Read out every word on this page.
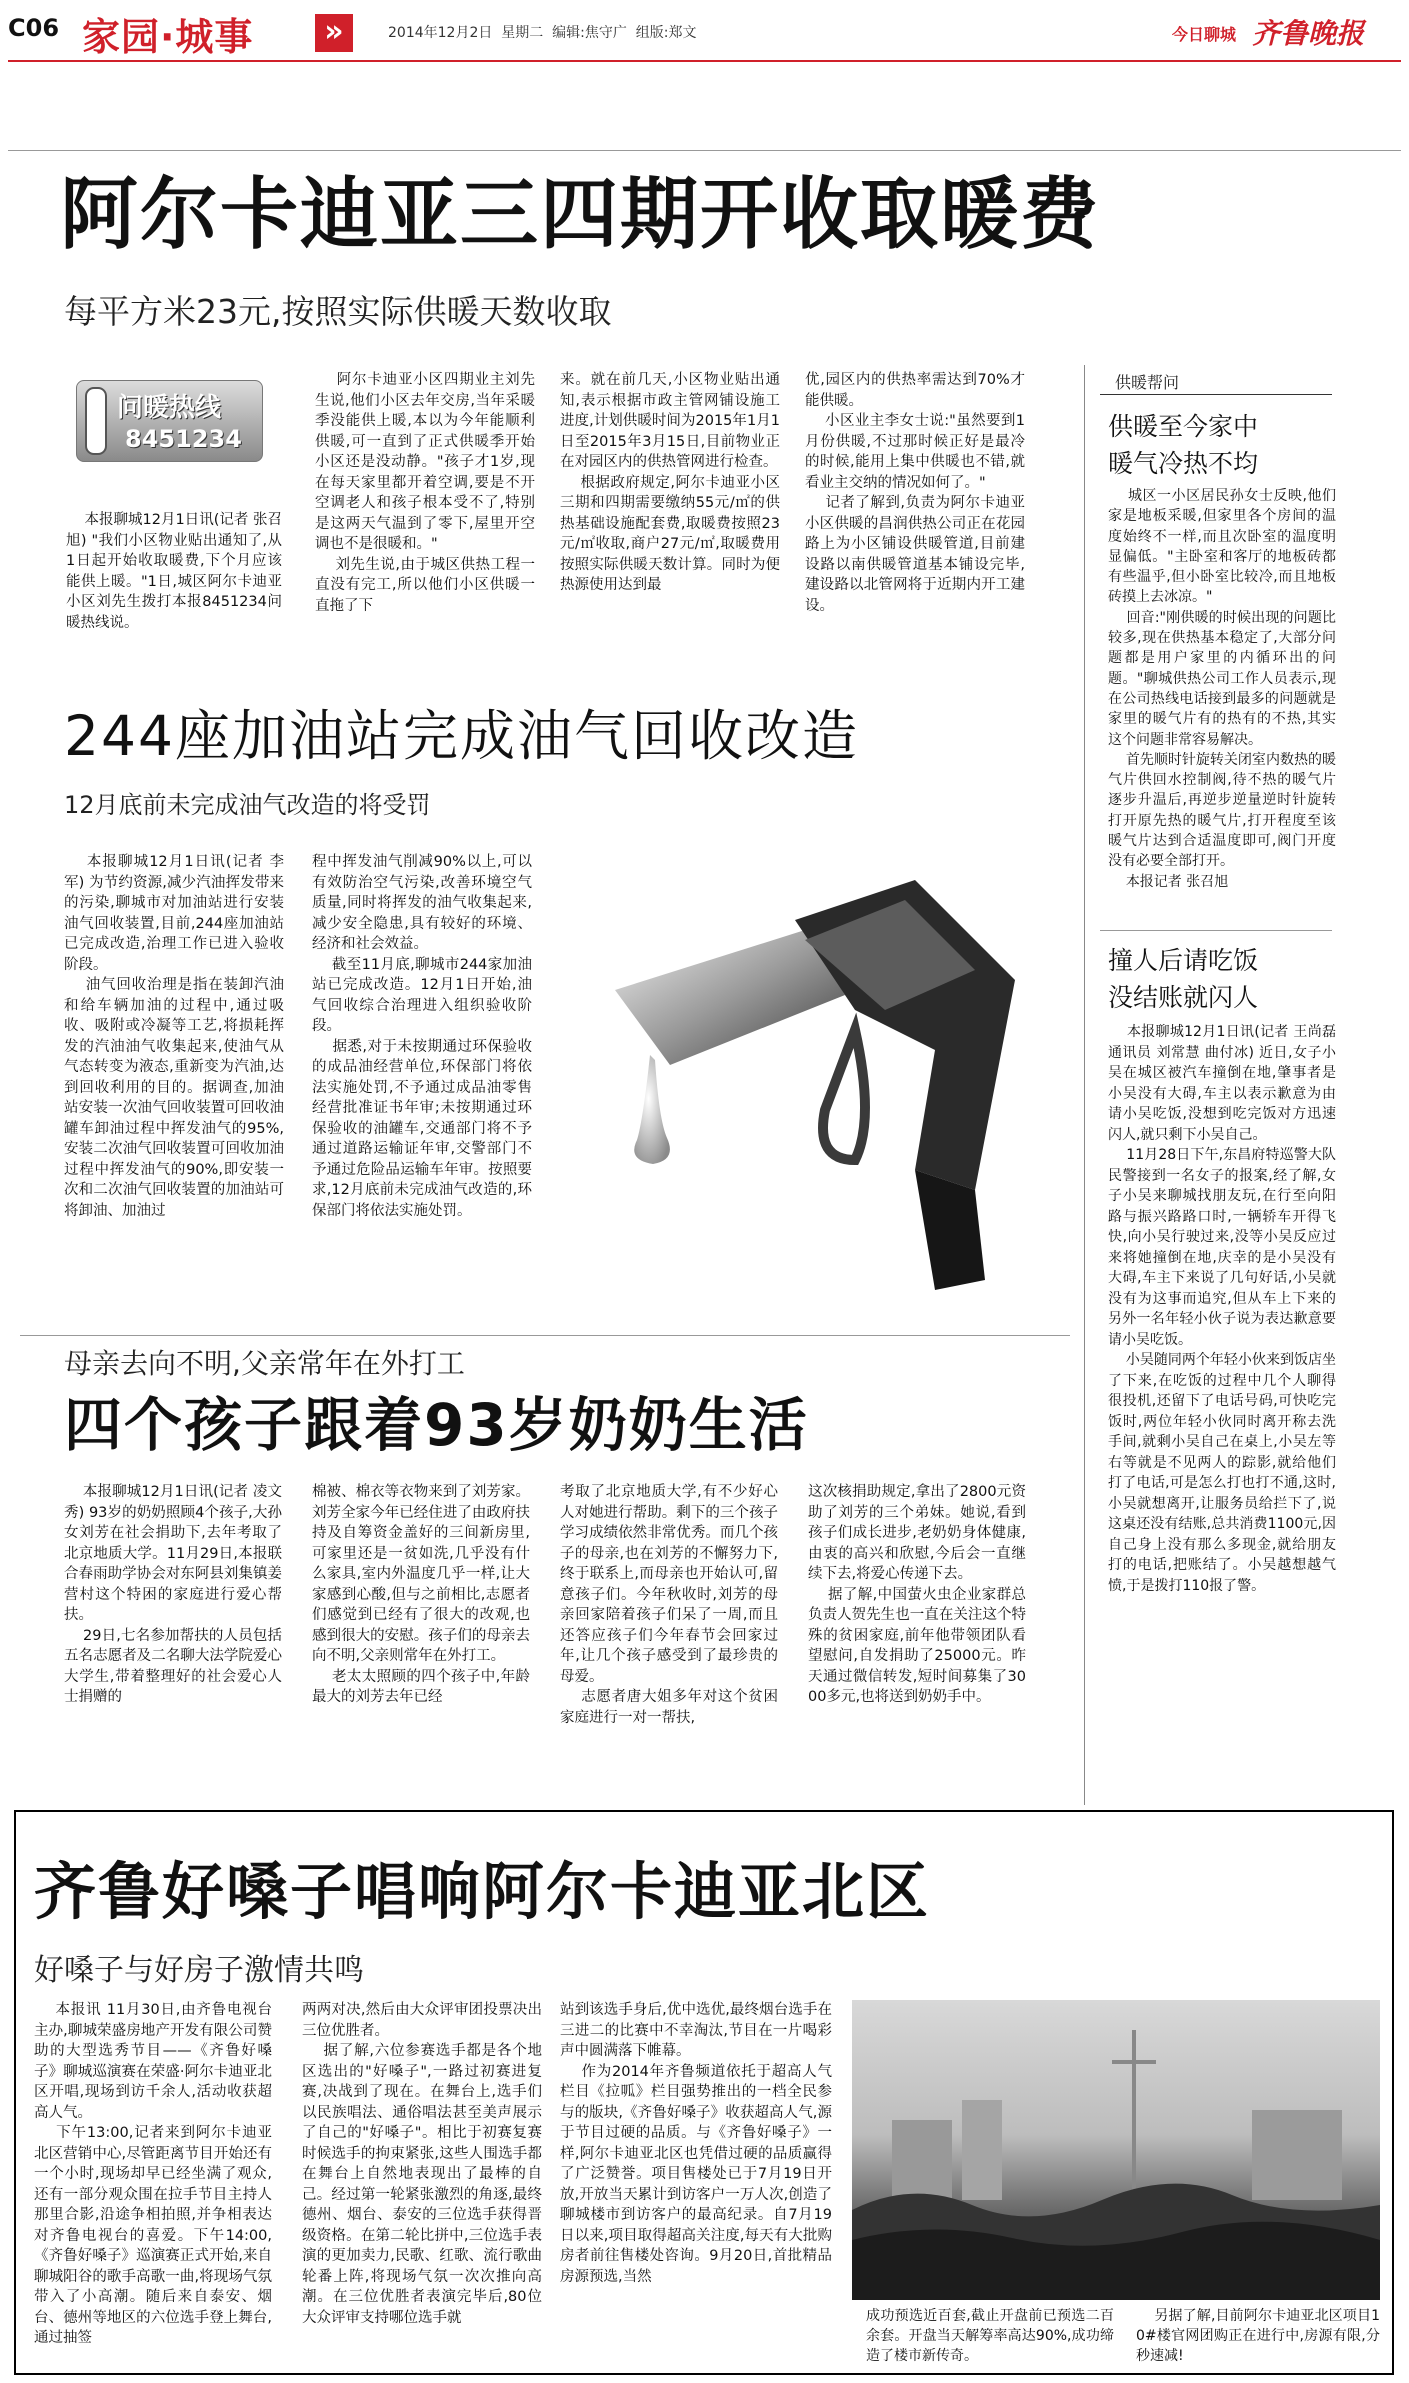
C06 家园·城事	»	2014年12月2日  星期二  编辑:焦守广  组版:郑文	今日聊城 齐鲁晚报
阿尔卡迪亚三四期开收取暖费
每平方米23元,按照实际供暖天数收取
问暖热线
8451234
本报聊城12月1日讯(记者 张召旭) "我们小区物业贴出通知了,从1日起开始收取暖费,下个月应该能供上暖。"1日,城区阿尔卡迪亚小区刘先生拨打本报8451234问暖热线说。
阿尔卡迪亚小区四期业主刘先生说,他们小区去年交房,当年采暖季没能供上暖,本以为今年能顺利供暖,可一直到了正式供暖季开始小区还是没动静。"孩子才1岁,现在每天家里都开着空调,要是不开空调老人和孩子根本受不了,特别是这两天气温到了零下,屋里开空调也不是很暖和。"
刘先生说,由于城区供热工程一直没有完工,所以他们小区供暖一直拖了下
来。就在前几天,小区物业贴出通知,表示根据市政主管网铺设施工进度,计划供暖时间为2015年1月1日至2015年3月15日,目前物业正在对园区内的供热管网进行检查。
根据政府规定,阿尔卡迪亚小区三期和四期需要缴纳55元/㎡的供热基础设施配套费,取暖费按照23元/㎡收取,商户27元/㎡,取暖费用按照实际供暖天数计算。同时为便热源使用达到最
优,园区内的供热率需达到70%才能供暖。
小区业主李女士说:"虽然要到1月份供暖,不过那时候正好是最冷的时候,能用上集中供暖也不错,就看业主交纳的情况如何了。"
记者了解到,负责为阿尔卡迪亚小区供暖的昌润供热公司正在花园路上为小区铺设供暖管道,目前建设路以南供暖管道基本铺设完毕,建设路以北管网将于近期内开工建设。
供暖帮问
供暖至今家中
暖气冷热不均
城区一小区居民孙女士反映,他们家是地板采暖,但家里各个房间的温度始终不一样,而且次卧室的温度明显偏低。"主卧室和客厅的地板砖都有些温乎,但小卧室比较冷,而且地板砖摸上去冰凉。"
回音:"刚供暖的时候出现的问题比较多,现在供热基本稳定了,大部分问题都是用户家里的内循环出的问题。"聊城供热公司工作人员表示,现在公司热线电话接到最多的问题就是家里的暖气片有的热有的不热,其实这个问题非常容易解决。
首先顺时针旋转关闭室内数热的暖气片供回水控制阀,待不热的暖气片逐步升温后,再逆步逆量逆时针旋转打开原先热的暖气片,打开程度至该暖气片达到合适温度即可,阀门开度没有必要全部打开。
本报记者 张召旭
撞人后请吃饭
没结账就闪人
本报聊城12月1日讯(记者 王尚磊 通讯员 刘常慧 曲付冰) 近日,女子小吴在城区被汽车撞倒在地,肇事者是小吴没有大碍,车主以表示歉意为由请小吴吃饭,没想到吃完饭对方迅速闪人,就只剩下小吴自己。
11月28日下午,东昌府特巡警大队民警接到一名女子的报案,经了解,女子小吴来聊城找朋友玩,在行至向阳路与振兴路路口时,一辆轿车开得飞快,向小吴行驶过来,没等小吴反应过来将她撞倒在地,庆幸的是小吴没有大碍,车主下来说了几句好话,小吴就没有为这事而追究,但从车上下来的另外一名年轻小伙子说为表达歉意要请小吴吃饭。
小吴随同两个年轻小伙来到饭店坐了下来,在吃饭的过程中几个人聊得很投机,还留下了电话号码,可快吃完饭时,两位年轻小伙同时离开称去洗手间,就剩小吴自己在桌上,小吴左等右等就是不见两人的踪影,就给他们打了电话,可是怎么打也打不通,这时,小吴就想离开,让服务员给拦下了,说这桌还没有结账,总共消费1100元,因自己身上没有那么多现金,就给朋友打的电话,把账结了。小吴越想越气愤,于是拨打110报了警。
244座加油站完成油气回收改造
12月底前未完成油气改造的将受罚
本报聊城12月1日讯(记者 李军) 为节约资源,减少汽油挥发带来的污染,聊城市对加油站进行安装油气回收装置,目前,244座加油站已完成改造,治理工作已进入验收阶段。
油气回收治理是指在装卸汽油和给车辆加油的过程中,通过吸收、吸附或冷凝等工艺,将损耗挥发的汽油油气收集起来,使油气从气态转变为液态,重新变为汽油,达到回收利用的目的。据调查,加油站安装一次油气回收装置可回收油罐车卸油过程中挥发油气的95%,安装二次油气回收装置可回收加油过程中挥发油气的90%,即安装一次和二次油气回收装置的加油站可将卸油、加油过
程中挥发油气削减90%以上,可以有效防治空气污染,改善环境空气质量,同时将挥发的油气收集起来,减少安全隐患,具有较好的环境、经济和社会效益。
截至11月底,聊城市244家加油站已完成改造。12月1日开始,油气回收综合治理进入组织验收阶段。
据悉,对于未按期通过环保验收的成品油经营单位,环保部门将依法实施处罚,不予通过成品油零售经营批准证书年审;未按期通过环保验收的油罐车,交通部门将不予通过道路运输证年审,交警部门不予通过危险品运输车年审。按照要求,12月底前未完成油气改造的,环保部门将依法实施处罚。
母亲去向不明,父亲常年在外打工
四个孩子跟着93岁奶奶生活
本报聊城12月1日讯(记者 凌文秀) 93岁的奶奶照顾4个孩子,大孙女刘芳在社会捐助下,去年考取了北京地质大学。11月29日,本报联合春雨助学协会对东阿县刘集镇姜营村这个特困的家庭进行爱心帮扶。
29日,七名参加帮扶的人员包括五名志愿者及二名聊大法学院爱心大学生,带着整理好的社会爱心人士捐赠的
棉被、棉衣等衣物来到了刘芳家。刘芳全家今年已经住进了由政府扶持及自筹资金盖好的三间新房里,可家里还是一贫如洗,几乎没有什么家具,室内外温度几乎一样,让大家感到心酸,但与之前相比,志愿者们感觉到已经有了很大的改观,也感到很大的安慰。孩子们的母亲去向不明,父亲则常年在外打工。
老太太照顾的四个孩子中,年龄最大的刘芳去年已经
考取了北京地质大学,有不少好心人对她进行帮助。剩下的三个孩子学习成绩依然非常优秀。而几个孩子的母亲,也在刘芳的不懈努力下,终于联系上,而母亲也开始认可,留意孩子们。今年秋收时,刘芳的母亲回家陪着孩子们呆了一周,而且还答应孩子们今年春节会回家过年,让几个孩子感受到了最珍贵的母爱。
志愿者唐大姐多年对这个贫困家庭进行一对一帮扶,
这次核捐助规定,拿出了2800元资助了刘芳的三个弟妹。她说,看到孩子们成长进步,老奶奶身体健康,由衷的高兴和欣慰,今后会一直继续下去,将爱心传递下去。
据了解,中国萤火虫企业家群总负责人贺先生也一直在关注这个特殊的贫困家庭,前年他带领团队看望慰问,自发捐助了25000元。昨天通过微信转发,短时间募集了3000多元,也将送到奶奶手中。
齐鲁好嗓子唱响阿尔卡迪亚北区
好嗓子与好房子激情共鸣
本报讯 11月30日,由齐鲁电视台主办,聊城荣盛房地产开发有限公司赞助的大型选秀节目——《齐鲁好嗓子》聊城巡演赛在荣盛·阿尔卡迪亚北区开唱,现场到访千余人,活动收获超高人气。
下午13:00,记者来到阿尔卡迪亚北区营销中心,尽管距离节目开始还有一个小时,现场却早已经坐满了观众,还有一部分观众围在拉手节目主持人那里合影,沿途争相拍照,并争相表达对齐鲁电视台的喜爱。下午14:00,《齐鲁好嗓子》巡演赛正式开始,来自聊城阳谷的歌手高歌一曲,将现场气氛带入了小高潮。随后来自泰安、烟台、德州等地区的六位选手登上舞台,通过抽签
两两对决,然后由大众评审团投票决出三位优胜者。
据了解,六位参赛选手都是各个地区选出的"好嗓子",一路过初赛进复赛,决战到了现在。在舞台上,选手们以民族唱法、通俗唱法甚至美声展示了自己的"好嗓子"。相比于初赛复赛时候选手的拘束紧张,这些人围选手都在舞台上自然地表现出了最棒的自己。经过第一轮紧张激烈的角逐,最终德州、烟台、泰安的三位选手获得晋级资格。在第二轮比拼中,三位选手表演的更加卖力,民歌、红歌、流行歌曲轮番上阵,将现场气氛一次次推向高潮。在三位优胜者表演完毕后,80位大众评审支持哪位选手就
站到该选手身后,优中选优,最终烟台选手在三进二的比赛中不幸淘汰,节目在一片喝彩声中圆满落下帷幕。
作为2014年齐鲁频道依托于超高人气栏目《拉呱》栏目强势推出的一档全民参与的版块,《齐鲁好嗓子》收获超高人气,源于节目过硬的品质。与《齐鲁好嗓子》一样,阿尔卡迪亚北区也凭借过硬的品质赢得了广泛赞誉。项目售楼处已于7月19日开放,开放当天累计到访客户一万人次,创造了聊城楼市到访客户的最高纪录。自7月19日以来,项目取得超高关注度,每天有大批购房者前往售楼处咨询。9月20日,首批精品房源预选,当然
成功预选近百套,截止开盘前已预选二百余套。开盘当天解筹率高达90%,成功缔造了楼市新传奇。
另据了解,目前阿尔卡迪亚北区项目10#楼官网团购正在进行中,房源有限,分秒速减!
